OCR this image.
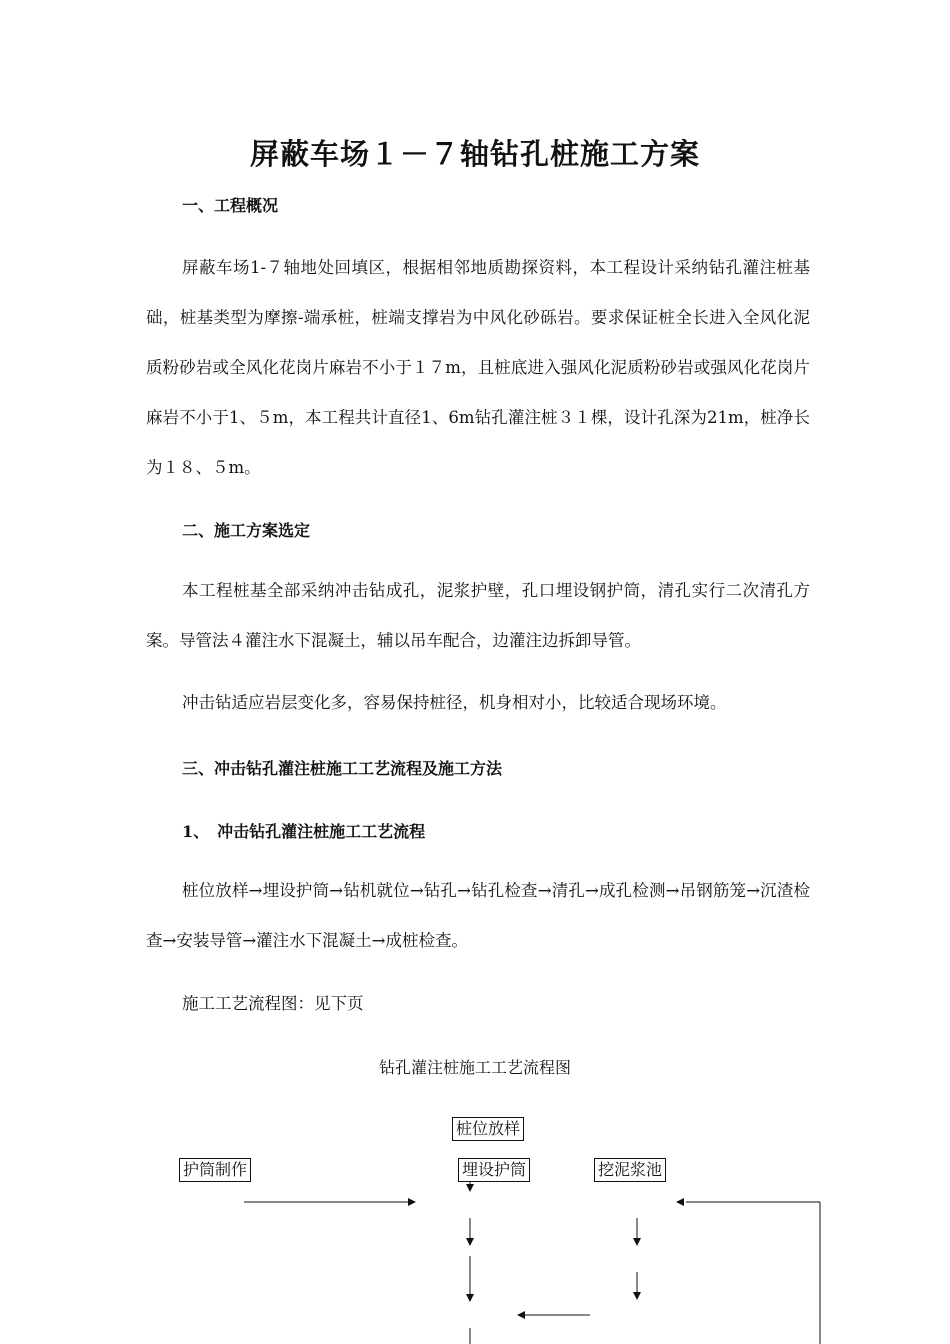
屏蔽车场１－７轴钻孔桩施工方案
一、工程概况

屏蔽车场1-７轴地处回填区，根据相邻地质勘探资料，本工程设计采纳钻孔灌注桩基础，桩基类型为摩擦-端承桩，桩端支撑岩为中风化砂砾岩。要求保证桩全长进入全风化泥质粉砂岩或全风化花岗片麻岩不小于１７m，且桩底进入强风化泥质粉砂岩或强风化花岗片麻岩不小于1、５m，本工程共计直径1、6m钻孔灌注桩３１棵，设计孔深为21m，桩净长为１８、５m。

二、施工方案选定

本工程桩基全部采纳冲击钻成孔，泥浆护壁，孔口埋设钢护筒，清孔实行二次清孔方案。导管法４灌注水下混凝土，辅以吊车配合，边灌注边拆卸导管。

冲击钻适应岩层变化多，容易保持桩径，机身相对小，比较适合现场环境。

三、冲击钻孔灌注桩施工工艺流程及施工方法
1、　冲击钻孔灌注桩施工工艺流程

桩位放样→埋设护筒→钻机就位→钻孔→钻孔检查→清孔→成孔检测→吊钢筋笼→沉渣检查→安装导管→灌注水下混凝土→成桩检查。

施工工艺流程图：见下页

钻孔灌注桩施工工艺流程图

桩位放样
护筒制作	埋设护筒	挖泥浆池
